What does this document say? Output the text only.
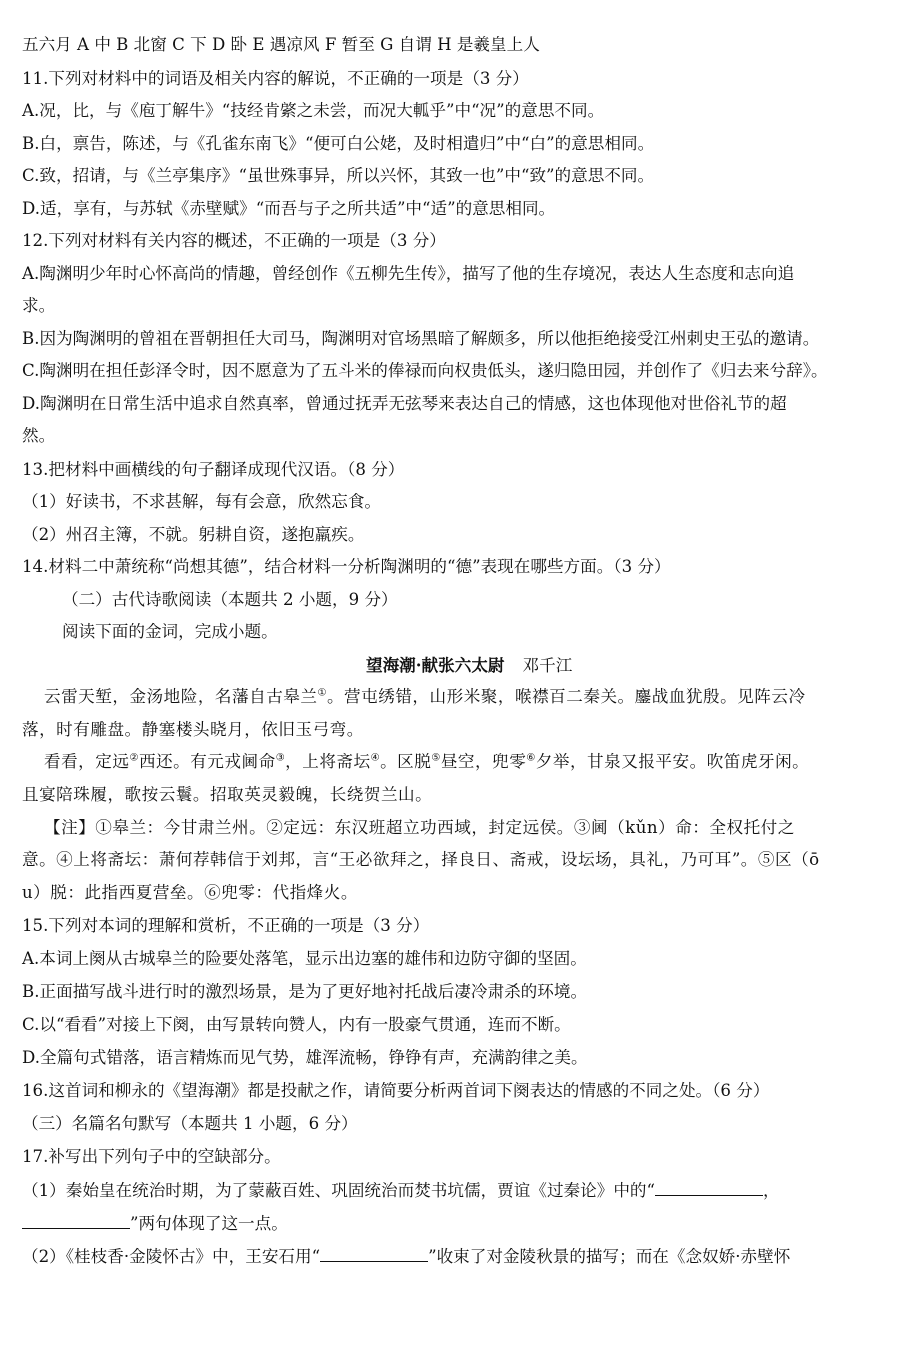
五六月 A 中 B 北窗 C 下 D 卧 E 遇凉风 F 暂至 G 自谓 H 是羲皇上人
11.下列对材料中的词语及相关内容的解说，不正确的一项是（3 分）
A.况，比，与《庖丁解牛》“技经肯綮之未尝，而况大軱乎”中“况”的意思不同。
B.白，禀告，陈述，与《孔雀东南飞》“便可白公姥，及时相遣归”中“白”的意思相同。
C.致，招请，与《兰亭集序》“虽世殊事异，所以兴怀，其致一也”中“致”的意思不同。
D.适，享有，与苏轼《赤壁赋》“而吾与子之所共适”中“适”的意思相同。
12.下列对材料有关内容的概述，不正确的一项是（3 分）
A.陶渊明少年时心怀高尚的情趣，曾经创作《五柳先生传》，描写了他的生存境况，表达人生态度和志向追
求。
B.因为陶渊明的曾祖在晋朝担任大司马，陶渊明对官场黑暗了解颇多，所以他拒绝接受江州刺史王弘的邀请。
C.陶渊明在担任彭泽令时，因不愿意为了五斗米的俸禄而向权贵低头，遂归隐田园，并创作了《归去来兮辞》。
D.陶渊明在日常生活中追求自然真率，曾通过抚弄无弦琴来表达自己的情感，这也体现他对世俗礼节的超
然。
13.把材料中画横线的句子翻译成现代汉语。（8 分）
（1）好读书，不求甚解，每有会意，欣然忘食。
（2）州召主簿，不就。躬耕自资，遂抱羸疾。
14.材料二中萧统称“尚想其德”，结合材料一分析陶渊明的“德”表现在哪些方面。（3 分）
（二）古代诗歌阅读（本题共 2 小题，9 分）
阅读下面的金词，完成小题。
望海潮·献张六太尉 邓千江
云雷天堑，金汤地险，名藩自古皋兰①。营屯绣错，山形米聚，喉襟百二秦关。鏖战血犹殷。见阵云冷
落，时有雕盘。静塞楼头晓月，依旧玉弓弯。
看看，定远②西还。有元戎阃命③，上将斋坛④。区脱⑤昼空，兜零⑥夕举，甘泉又报平安。吹笛虎牙闲。
且宴陪珠履，歌按云鬟。招取英灵毅魄，长绕贺兰山。
【注】①皋兰：今甘肃兰州。②定远：东汉班超立功西域，封定远侯。③阃（kǔn）命：全权托付之
意。④上将斋坛：萧何荐韩信于刘邦，言“王必欲拜之，择良日、斋戒，设坛场，具礼，乃可耳”。⑤区（ō
u）脱：此指西夏营垒。⑥兜零：代指烽火。
15.下列对本词的理解和赏析，不正确的一项是（3 分）
A.本词上阕从古城皋兰的险要处落笔，显示出边塞的雄伟和边防守御的坚固。
B.正面描写战斗进行时的激烈场景，是为了更好地衬托战后凄冷肃杀的环境。
C.以“看看”对接上下阕，由写景转向赞人，内有一股豪气贯通，连而不断。
D.全篇句式错落，语言精炼而见气势，雄浑流畅，铮铮有声，充满韵律之美。
16.这首词和柳永的《望海潮》都是投献之作，请简要分析两首词下阕表达的情感的不同之处。（6 分）
（三）名篇名句默写（本题共 1 小题，6 分）
17.补写出下列句子中的空缺部分。
（1）秦始皇在统治时期，为了蒙蔽百姓、巩固统治而焚书坑儒，贾谊《过秦论》中的“	，
”两句体现了这一点。
（2）《桂枝香·金陵怀古》中，王安石用“	”收束了对金陵秋景的描写；而在《念奴娇·赤壁怀
